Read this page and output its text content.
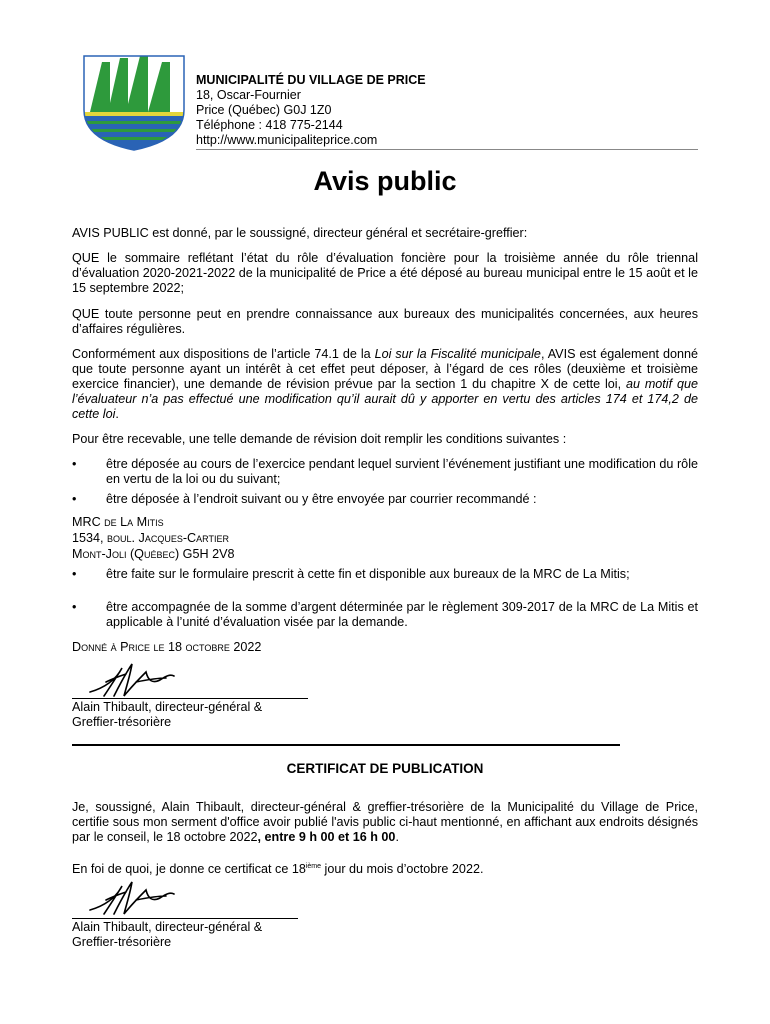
MUNICIPALITÉ DU VILLAGE DE PRICE
18, Oscar-Fournier
Price (Québec) G0J 1Z0
Téléphone : 418 775-2144
http://www.municipaliteprice.com
Avis public
AVIS PUBLIC est donné, par le soussigné, directeur général et secrétaire-greffier:
QUE le sommaire reflétant l’état du rôle d’évaluation foncière pour la troisième année du rôle triennal d’évaluation 2020-2021-2022 de la municipalité de Price a été déposé au bureau municipal entre le 15 août et le 15 septembre 2022;
QUE toute personne peut en prendre connaissance aux bureaux des municipalités concernées, aux heures d’affaires régulières.
Conformément aux dispositions de l’article 74.1 de la Loi sur la Fiscalité municipale, AVIS est également donné que toute personne ayant un intérêt à cet effet peut déposer, à l’égard de ces rôles (deuxième et troisième exercice financier), une demande de révision prévue par la section 1 du chapitre X de cette loi, au motif que l’évaluateur n’a pas effectué une modification qu’il aurait dû y apporter en vertu des articles 174 et 174,2 de cette loi.
Pour être recevable, une telle demande de révision doit remplir les conditions suivantes :
•	être déposée au cours de l’exercice pendant lequel survient l’événement justifiant une modification du rôle en vertu de la loi ou du suivant;
•	être déposée à l’endroit suivant ou y être envoyée par courrier recommandé :
MRC de La Mitis
1534, boul. Jacques-Cartier
Mont-Joli (Québec) G5H 2V8
•	être faite sur le formulaire prescrit à cette fin et disponible aux bureaux de la MRC de La Mitis;
•	être accompagnée de la somme d’argent déterminée par le règlement 309-2017 de la MRC de La Mitis et applicable à l’unité d’évaluation visée par la demande.
Donné à Price le 18 octobre 2022
Alain Thibault, directeur-général &
Greffier-trésorière
CERTIFICAT DE PUBLICATION
Je, soussigné, Alain Thibault, directeur-général & greffier-trésorière de la Municipalité du Village de Price, certifie sous mon serment d'office avoir publié l'avis public ci-haut mentionné, en affichant aux endroits désignés par le conseil, le 18 octobre 2022, entre 9 h 00 et 16 h 00.
En foi de quoi, je donne ce certificat ce 18ième jour du mois d’octobre 2022.
Alain Thibault, directeur-général &
Greffier-trésorière
